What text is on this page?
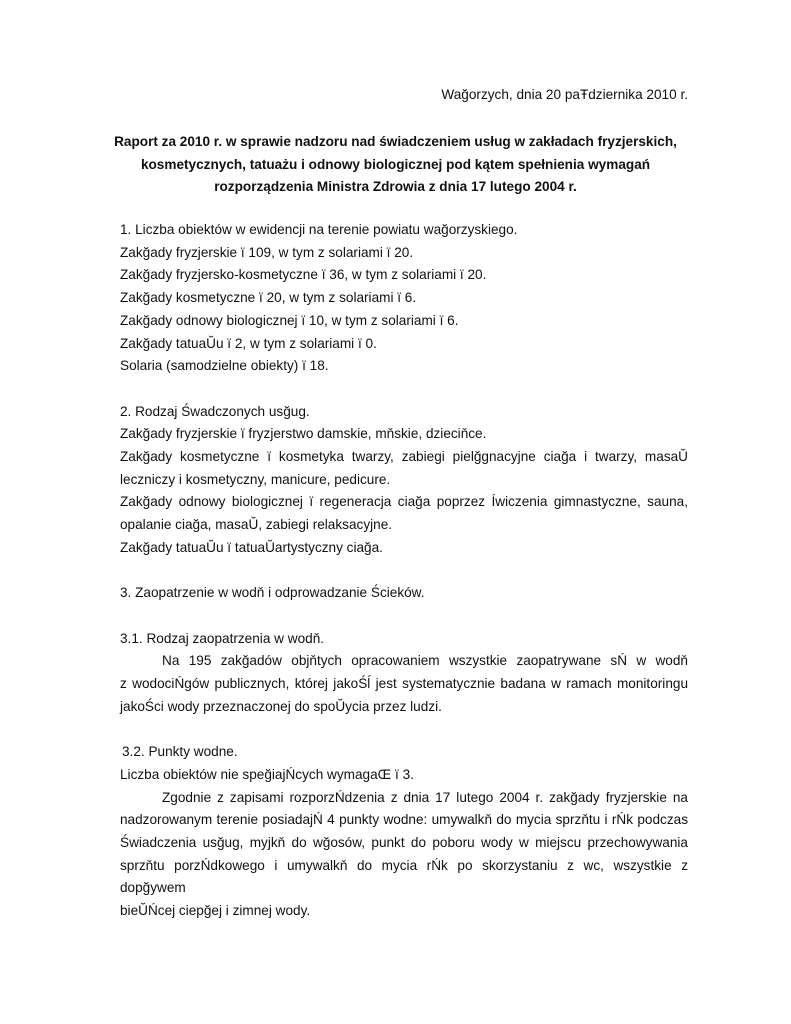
Wağorzych, dnia 20 paŦdziernika 2010 r.
Raport za 2010 r. w sprawie nadzoru nad świadczeniem usług w zakładach fryzjerskich,
kosmetycznych, tatuażu i odnowy biologicznej pod kątem spełnienia wymagań
rozporządzenia Ministra Zdrowia z dnia 17 lutego 2004 r.
1. Liczba obiektów w ewidencji na terenie powiatu wağorzyskiego.
Zakğady fryzjerskie ï 109, w tym z solariami ï 20.
Zakğady fryzjersko-kosmetyczne ï 36, w tym z solariami ï 20.
Zakğady kosmetyczne ï 20, w tym z solariami ï 6.
Zakğady odnowy biologicznej ï 10, w tym z solariami ï 6.
Zakğady tatuaŬu ï 2, w tym z solariami ï 0.
Solaria (samodzielne obiekty) ï 18.
2. Rodzaj Śwadczonych usğug.
Zakğady fryzjerskie ï fryzjerstwo damskie, mňskie, dzieciňce.
Zakğady kosmetyczne ï kosmetyka twarzy, zabiegi pielğgnacyjne ciağa i twarzy, masaŬ
leczniczy i kosmetyczny, manicure, pedicure.
Zakğady odnowy biologicznej ï regeneracja ciağa poprzez Íwiczenia gimnastyczne, sauna,
opalanie ciağa, masaŬ, zabiegi relaksacyjne.
Zakğady tatuaŬu ï tatuaŬartystyczny ciağa.
3. Zaopatrzenie w wodň i odprowadzanie Ścieków.
3.1. Rodzaj zaopatrzenia w wodň.
Na 195 zakğadów objňtych opracowaniem wszystkie zaopatrywane sŃ w wodň
z wodociŃgów publicznych, której jakoŚĺ jest systematycznie badana w ramach monitoringu
jakoŚci wody przeznaczonej do spoŬycia przez ludzi.
3.2. Punkty wodne.
Liczba obiektów nie speğiajŃcych wymagaŒ ï 3.
Zgodnie z zapisami rozporzŃdzenia z dnia 17 lutego 2004 r. zakğady fryzjerskie na
nadzorowanym terenie posiadajŃ 4 punkty wodne: umywalkň do mycia sprzňtu i rŃk podczas
Świadczenia usğug, myjkň do wğosów, punkt do poboru wody w miejscu przechowywania
sprzňtu porzŃdkowego i umywalkň do mycia rŃk po skorzystaniu z wc, wszystkie z dopğywem
bieŬŃcej ciepğej i zimnej wody.
